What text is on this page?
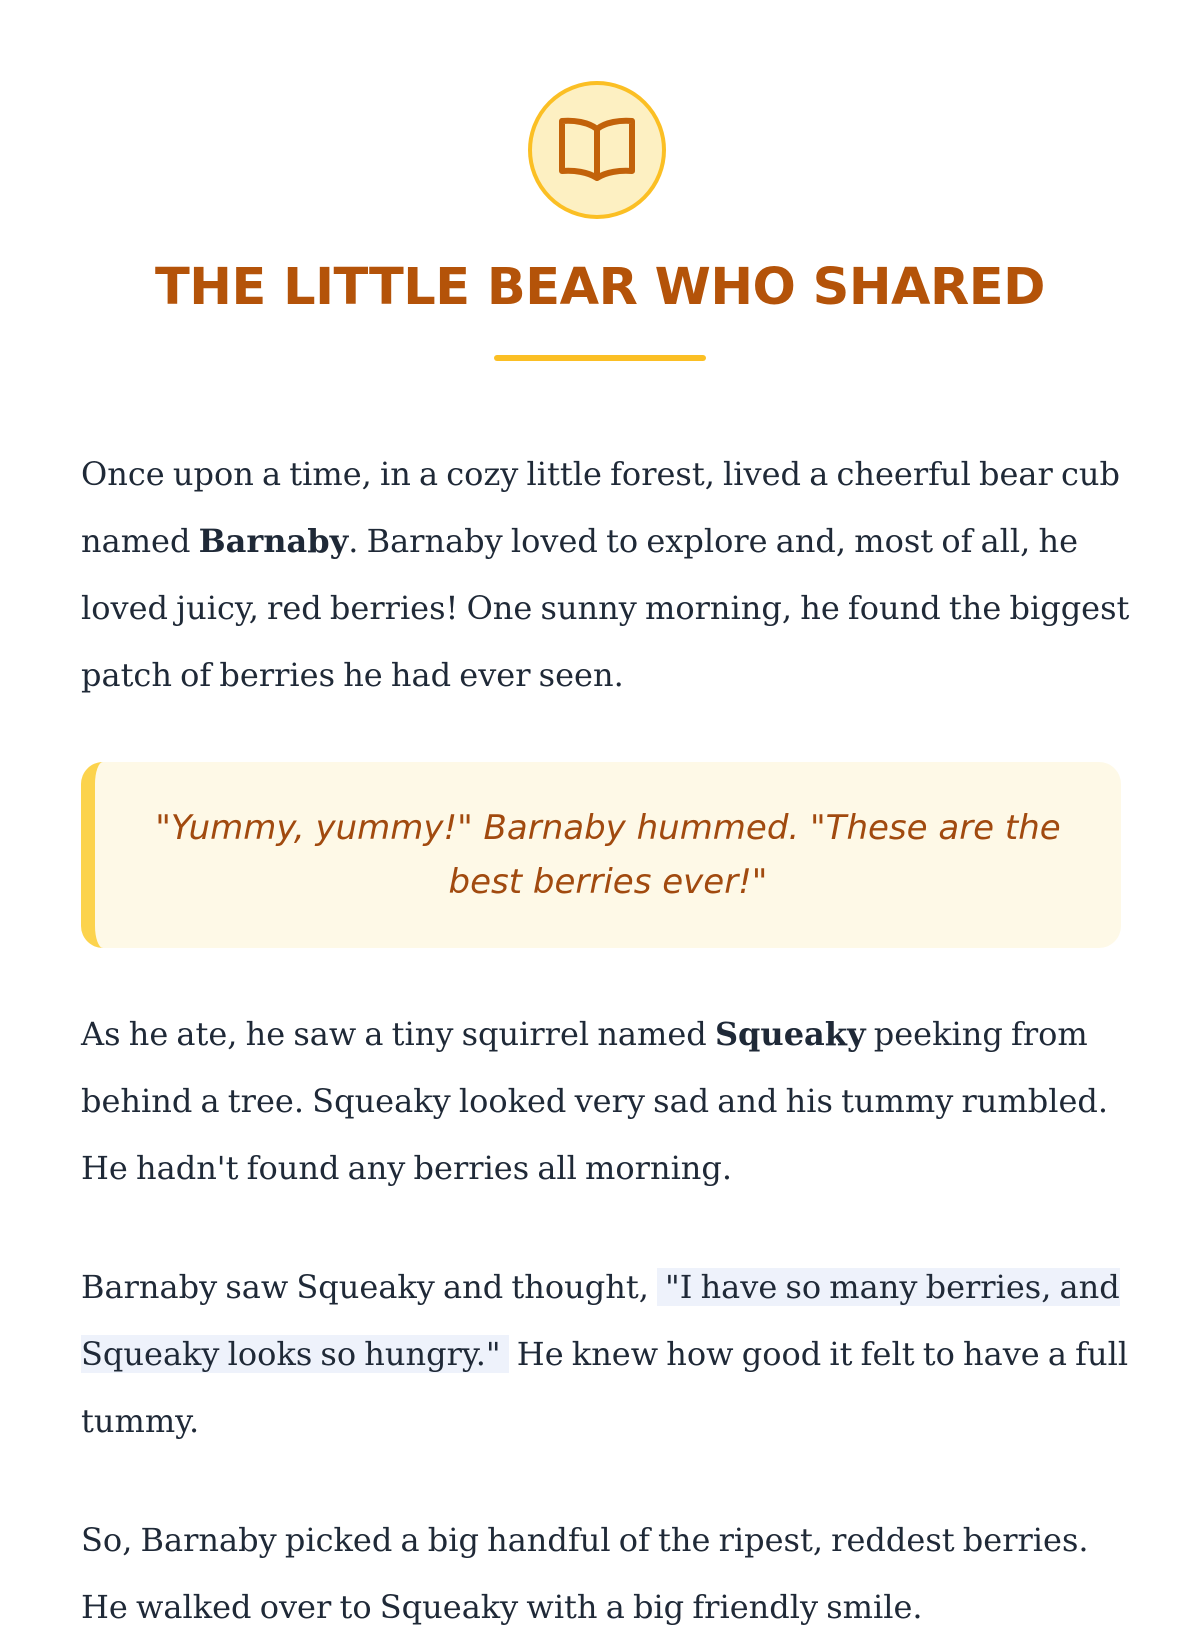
THE LITTLE BEAR WHO SHARED

Once upon a time, in a cozy little forest, lived a cheerful bear cub named Barnaby. Barnaby loved to explore and, most of all, he loved juicy, red berries! One sunny morning, he found the biggest patch of berries he had ever seen.

"Yummy, yummy!" Barnaby hummed. "These are the best berries ever!"

As he ate, he saw a tiny squirrel named Squeaky peeking from behind a tree. Squeaky looked very sad and his tummy rumbled. He hadn't found any berries all morning.

Barnaby saw Squeaky and thought, "I have so many berries, and Squeaky looks so hungry." He knew how good it felt to have a full tummy.

So, Barnaby picked a big handful of the ripest, reddest berries. He walked over to Squeaky with a big friendly smile.
